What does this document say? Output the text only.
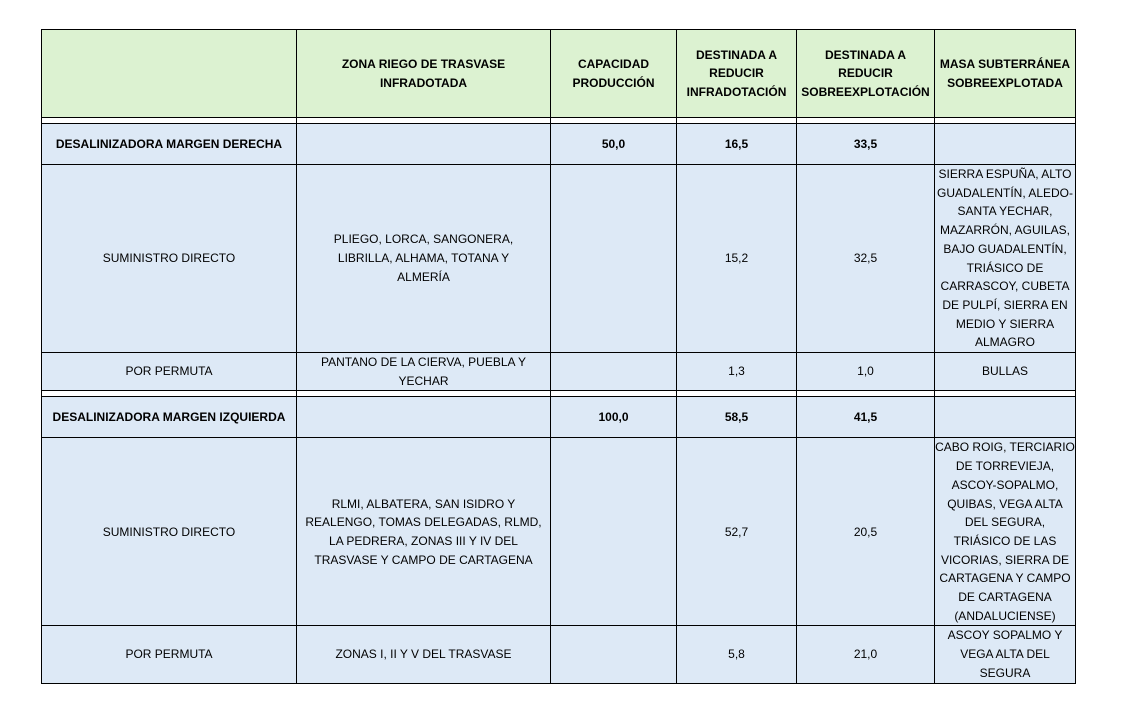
	ZONA RIEGO DE TRASVASE INFRADOTADA	CAPACIDAD PRODUCCIÓN	DESTINADA A REDUCIR INFRADOTACIÓN	DESTINADA A REDUCIR SOBREEXPLOTACIÓN	MASA SUBTERRÁNEA SOBREEXPLOTADA

DESALINIZADORA MARGEN DERECHA		50,0	16,5	33,5	
SUMINISTRO DIRECTO	PLIEGO, LORCA, SANGONERA, LIBRILLA, ALHAMA, TOTANA Y ALMERÍA		15,2	32,5	SIERRA ESPUÑA, ALTO GUADALENTÍN, ALEDO-SANTA YECHAR, MAZARRÓN, AGUILAS, BAJO GUADALENTÍN, TRIÁSICO DE CARRASCOY, CUBETA DE PULPÍ, SIERRA EN MEDIO Y SIERRA ALMAGRO
POR PERMUTA	PANTANO DE LA CIERVA, PUEBLA Y YECHAR		1,3	1,0	BULLAS

DESALINIZADORA MARGEN IZQUIERDA		100,0	58,5	41,5	
SUMINISTRO DIRECTO	RLMI, ALBATERA, SAN ISIDRO Y REALENGO, TOMAS DELEGADAS, RLMD, LA PEDRERA, ZONAS III Y IV DEL TRASVASE Y CAMPO DE CARTAGENA		52,7	20,5	CABO ROIG, TERCIARIO DE TORREVIEJA, ASCOY-SOPALMO, QUIBAS, VEGA ALTA DEL SEGURA, TRIÁSICO DE LAS VICORIAS, SIERRA DE CARTAGENA Y CAMPO DE CARTAGENA (ANDALUCIENSE)
POR PERMUTA	ZONAS I, II Y V DEL TRASVASE		5,8	21,0	ASCOY SOPALMO Y VEGA ALTA DEL SEGURA
